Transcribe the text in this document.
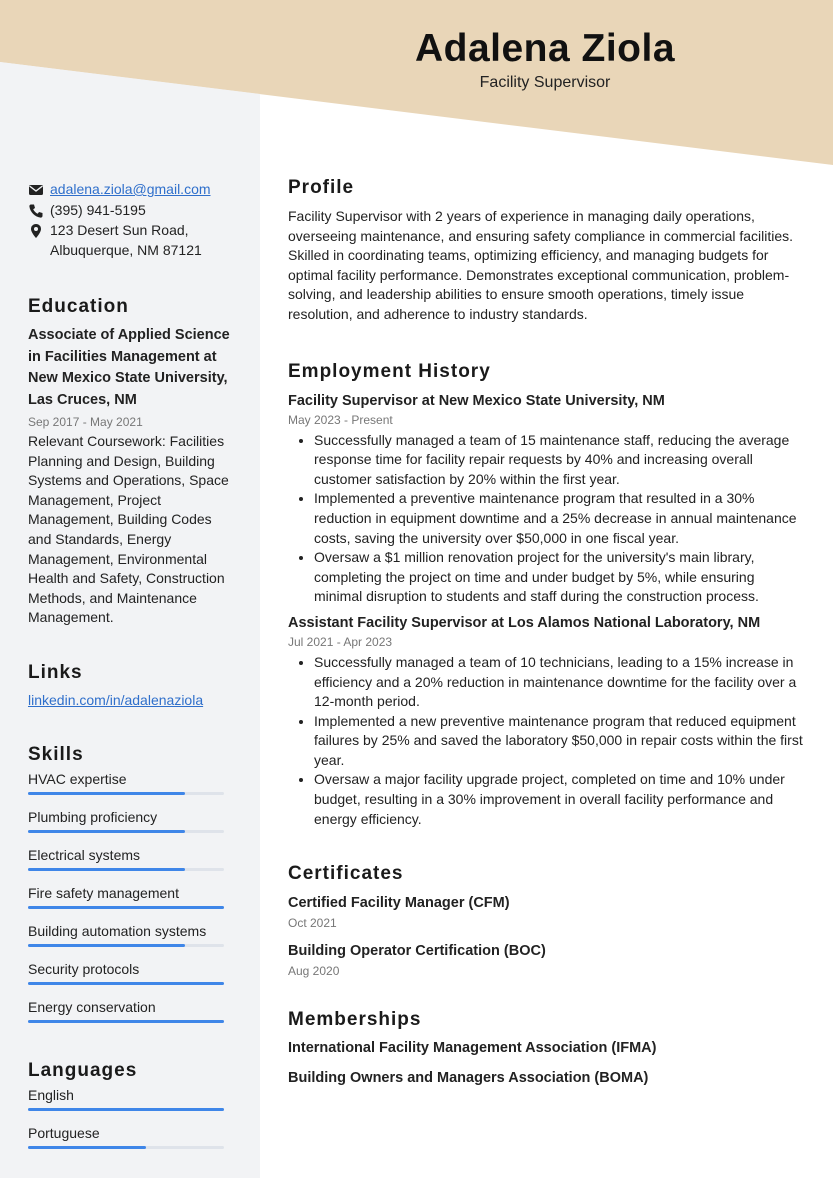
Adalena Ziola
Facility Supervisor
adalena.ziola@gmail.com
(395) 941-5195
123 Desert Sun Road,
Albuquerque, NM 87121
Education
Associate of Applied Science in Facilities Management at New Mexico State University, Las Cruces, NM
Sep 2017 - May 2021
Relevant Coursework: Facilities Planning and Design, Building Systems and Operations, Space Management, Project Management, Building Codes and Standards, Energy Management, Environmental Health and Safety, Construction Methods, and Maintenance Management.
Links
linkedin.com/in/adalenaziola
Skills
HVAC expertise
Plumbing proficiency
Electrical systems
Fire safety management
Building automation systems
Security protocols
Energy conservation
Languages
English
Portuguese
Profile
Facility Supervisor with 2 years of experience in managing daily operations, overseeing maintenance, and ensuring safety compliance in commercial facilities. Skilled in coordinating teams, optimizing efficiency, and managing budgets for optimal facility performance. Demonstrates exceptional communication, problem-solving, and leadership abilities to ensure smooth operations, timely issue resolution, and adherence to industry standards.
Employment History
Facility Supervisor at New Mexico State University, NM
May 2023 - Present
• Successfully managed a team of 15 maintenance staff, reducing the average response time for facility repair requests by 40% and increasing overall customer satisfaction by 20% within the first year.
• Implemented a preventive maintenance program that resulted in a 30% reduction in equipment downtime and a 25% decrease in annual maintenance costs, saving the university over $50,000 in one fiscal year.
• Oversaw a $1 million renovation project for the university's main library, completing the project on time and under budget by 5%, while ensuring minimal disruption to students and staff during the construction process.
Assistant Facility Supervisor at Los Alamos National Laboratory, NM
Jul 2021 - Apr 2023
• Successfully managed a team of 10 technicians, leading to a 15% increase in efficiency and a 20% reduction in maintenance downtime for the facility over a 12-month period.
• Implemented a new preventive maintenance program that reduced equipment failures by 25% and saved the laboratory $50,000 in repair costs within the first year.
• Oversaw a major facility upgrade project, completed on time and 10% under budget, resulting in a 30% improvement in overall facility performance and energy efficiency.
Certificates
Certified Facility Manager (CFM)
Oct 2021
Building Operator Certification (BOC)
Aug 2020
Memberships
International Facility Management Association (IFMA)
Building Owners and Managers Association (BOMA)
